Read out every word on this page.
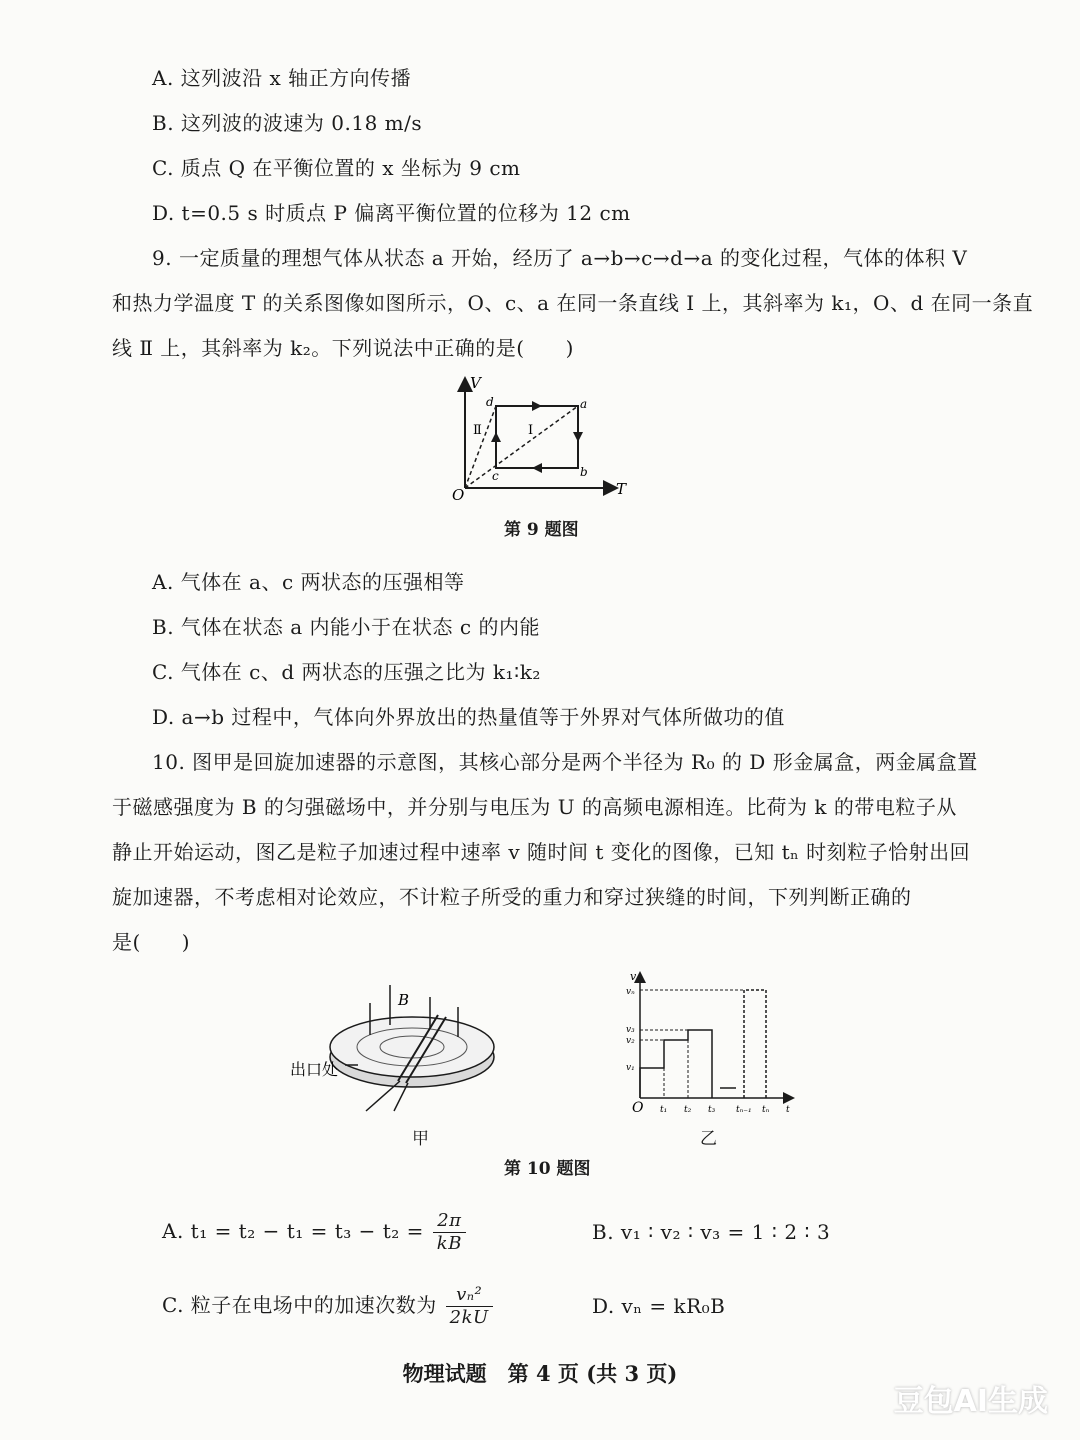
A. 这列波沿 x 轴正方向传播
B. 这列波的波速为 0.18 m/s
C. 质点 Q 在平衡位置的 x 坐标为 9 cm
D. t=0.5 s 时质点 P 偏离平衡位置的位移为 12 cm
9. 一定质量的理想气体从状态 a 开始，经历了 a→b→c→d→a 的变化过程，气体的体积 V
和热力学温度 T 的关系图像如图所示，O、c、a 在同一条直线 Ⅰ 上，其斜率为 k₁，O、d 在同一条直
线 Ⅱ 上，其斜率为 k₂。下列说法中正确的是(　　)
V
T
O
a
b
c
d
Ⅰ
Ⅱ
第 9 题图
A. 气体在 a、c 两状态的压强相等
B. 气体在状态 a 内能小于在状态 c 的内能
C. 气体在 c、d 两状态的压强之比为 k₁∶k₂
D. a→b 过程中，气体向外界放出的热量值等于外界对气体所做功的值
10. 图甲是回旋加速器的示意图，其核心部分是两个半径为 R₀ 的 D 形金属盒，两金属盒置
于磁感强度为 B 的匀强磁场中，并分别与电压为 U 的高频电源相连。比荷为 k 的带电粒子从
静止开始运动，图乙是粒子加速过程中速率 v 随时间 t 变化的图像，已知 tₙ 时刻粒子恰射出回
旋加速器，不考虑相对论效应，不计粒子所受的重力和穿过狭缝的时间，下列判断正确的
是(　　)
B
出口处
甲
v
vₙ
v₃
v₂
v₁
O t₁ t₂ t₃ tₙ₋₁ tₙ t
乙
第 10 题图
A. $t_1 = t_2 - t_1 = t_3 - t_2 = \frac{2\pi}{kB}$	B. v₁ ∶ v₂ ∶ v₃ = 1 ∶ 2 ∶ 3
C. 粒子在电场中的加速次数为 $\frac{\text{vₙ²}}{2kU}$	D. vₙ = kR₀B
物理试题　第 4 页 (共 3 页)
豆包AI生成
